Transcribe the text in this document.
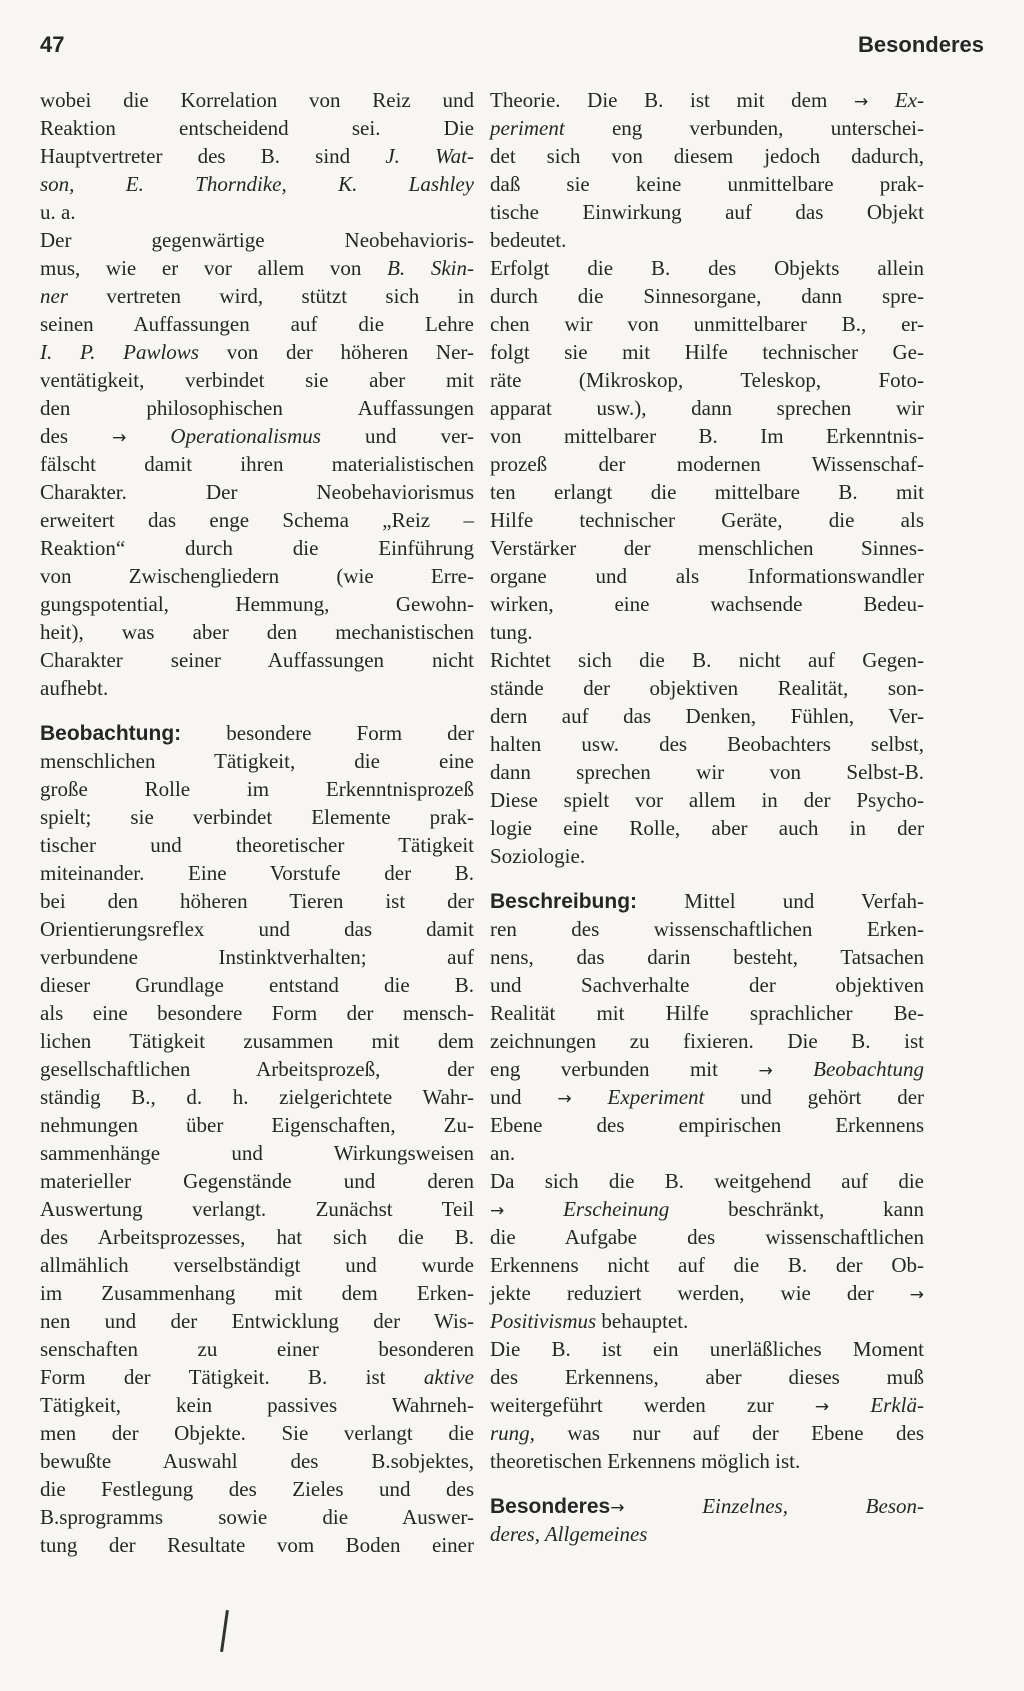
47	Besonderes
wobei die Korrelation von Reiz und
Reaktion entscheidend sei. Die
Hauptvertreter des B. sind J. Wat-
son, E. Thorndike, K. Lashley
u. a.
Der gegenwärtige Neobehavioris-
mus, wie er vor allem von B. Skin-
ner vertreten wird, stützt sich in
seinen Auffassungen auf die Lehre
I. P. Pawlows von der höheren Ner-
ventätigkeit, verbindet sie aber mit
den philosophischen Auffassungen
des → Operationalismus und ver-
fälscht damit ihren materialistischen
Charakter. Der Neobehaviorismus
erweitert das enge Schema „Reiz –
Reaktion“ durch die Einführung
von Zwischengliedern (wie Erre-
gungspotential, Hemmung, Gewohn-
heit), was aber den mechanistischen
Charakter seiner Auffassungen nicht
aufhebt.
Beobachtung: besondere Form der
menschlichen Tätigkeit, die eine
große Rolle im Erkenntnisprozeß
spielt; sie verbindet Elemente prak-
tischer und theoretischer Tätigkeit
miteinander. Eine Vorstufe der B.
bei den höheren Tieren ist der
Orientierungsreflex und das damit
verbundene Instinktverhalten; auf
dieser Grundlage entstand die B.
als eine besondere Form der mensch-
lichen Tätigkeit zusammen mit dem
gesellschaftlichen Arbeitsprozeß, der
ständig B., d. h. zielgerichtete Wahr-
nehmungen über Eigenschaften, Zu-
sammenhänge und Wirkungsweisen
materieller Gegenstände und deren
Auswertung verlangt. Zunächst Teil
des Arbeitsprozesses, hat sich die B.
allmählich verselbständigt und wurde
im Zusammenhang mit dem Erken-
nen und der Entwicklung der Wis-
senschaften zu einer besonderen
Form der Tätigkeit. B. ist aktive
Tätigkeit, kein passives Wahrneh-
men der Objekte. Sie verlangt die
bewußte Auswahl des B.sobjektes,
die Festlegung des Zieles und des
B.sprogramms sowie die Auswer-
tung der Resultate vom Boden einer
Theorie. Die B. ist mit dem → Ex-
periment eng verbunden, unterschei-
det sich von diesem jedoch dadurch,
daß sie keine unmittelbare prak-
tische Einwirkung auf das Objekt
bedeutet.
Erfolgt die B. des Objekts allein
durch die Sinnesorgane, dann spre-
chen wir von unmittelbarer B., er-
folgt sie mit Hilfe technischer Ge-
räte (Mikroskop, Teleskop, Foto-
apparat usw.), dann sprechen wir
von mittelbarer B. Im Erkenntnis-
prozeß der modernen Wissenschaf-
ten erlangt die mittelbare B. mit
Hilfe technischer Geräte, die als
Verstärker der menschlichen Sinnes-
organe und als Informationswandler
wirken, eine wachsende Bedeu-
tung.
Richtet sich die B. nicht auf Gegen-
stände der objektiven Realität, son-
dern auf das Denken, Fühlen, Ver-
halten usw. des Beobachters selbst,
dann sprechen wir von Selbst-B.
Diese spielt vor allem in der Psycho-
logie eine Rolle, aber auch in der
Soziologie.
Beschreibung: Mittel und Verfah-
ren des wissenschaftlichen Erken-
nens, das darin besteht, Tatsachen
und Sachverhalte der objektiven
Realität mit Hilfe sprachlicher Be-
zeichnungen zu fixieren. Die B. ist
eng verbunden mit → Beobachtung
und → Experiment und gehört der
Ebene des empirischen Erkennens
an.
Da sich die B. weitgehend auf die
→ Erscheinung beschränkt, kann
die Aufgabe des wissenschaftlichen
Erkennens nicht auf die B. der Ob-
jekte reduziert werden, wie der →
Positivismus behauptet.
Die B. ist ein unerläßliches Moment
des Erkennens, aber dieses muß
weitergeführt werden zur → Erklä-
rung, was nur auf der Ebene des
theoretischen Erkennens möglich ist.
Besonderes→ Einzelnes, Beson-
deres, Allgemeines
